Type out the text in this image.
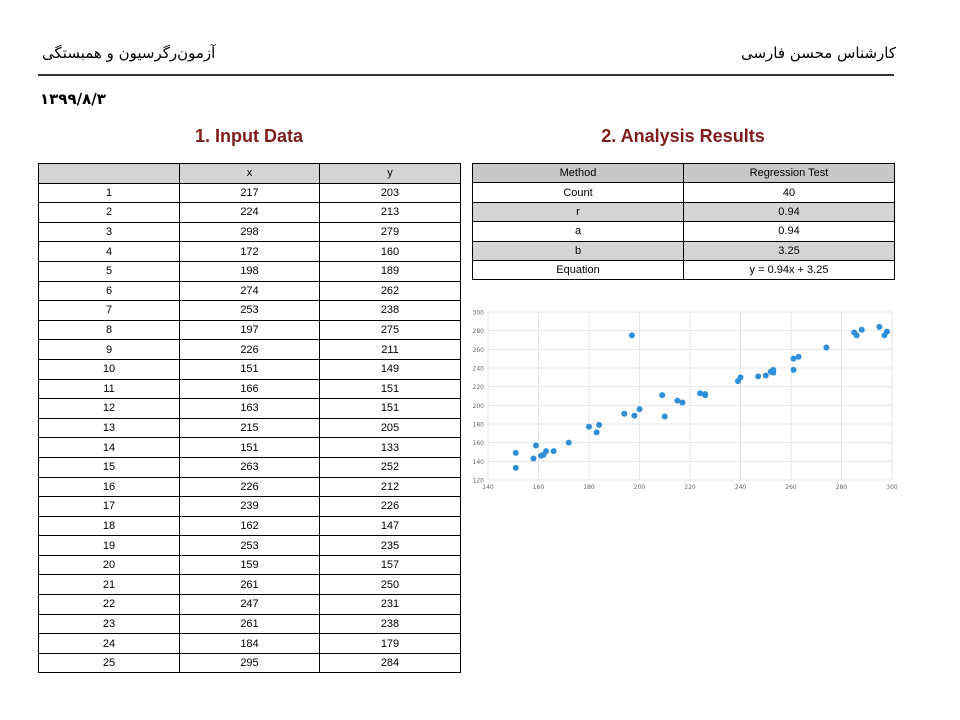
آزمون‌رگرسیون و همبستگی	کارشناس محسن فارسی
۱۳۹۹/۸/۳
1. Input Data	2. Analysis Results
	x	y
1	217	203
2	224	213
3	298	279
4	172	160
5	198	189
6	274	262
7	253	238
8	197	275
9	226	211
10	151	149
11	166	151
12	163	151
13	215	205
14	151	133
15	263	252
16	226	212
17	239	226
18	162	147
19	253	235
20	159	157
21	261	250
22	247	231
23	261	238
24	184	179
25	295	284
Method	Regression Test
Count	40
r	0.94
a	0.94
b	3.25
Equation	y = 0.94x + 3.25
120
140
160
180
200
220
240
260
280
300
140	160	180	200	220	240	260	280	300
